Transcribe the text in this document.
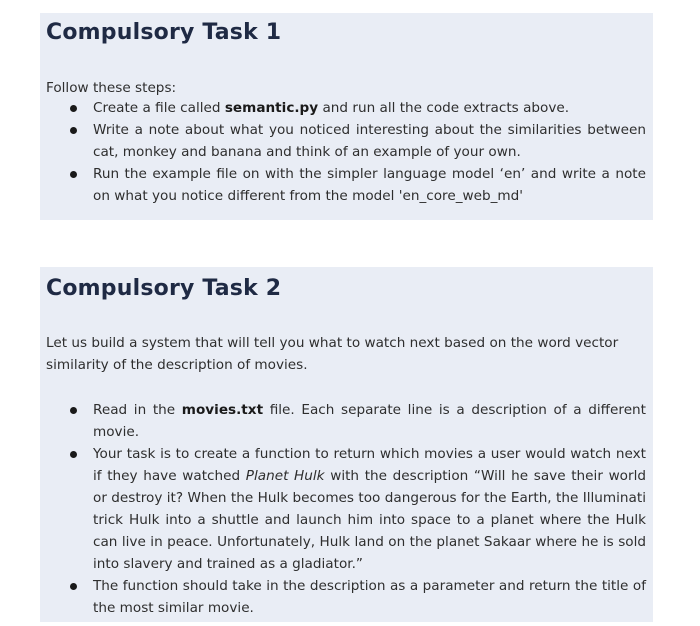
Compulsory Task 1
Follow these steps:
Create a file called semantic.py and run all the code extracts above.
Write a note about what you noticed interesting about the similarities between cat, monkey and banana and think of an example of your own.
Run the example file on with the simpler language model ‘en’ and write a note on what you notice different from the model 'en_core_web_md'
Compulsory Task 2
Let us build a system that will tell you what to watch next based on the word vector similarity of the description of movies.
Read in the movies.txt file. Each separate line is a description of a different movie.
Your task is to create a function to return which movies a user would watch next if they have watched Planet Hulk with the description “Will he save their world or destroy it? When the Hulk becomes too dangerous for the Earth, the Illuminati trick Hulk into a shuttle and launch him into space to a planet where the Hulk can live in peace. Unfortunately, Hulk land on the planet Sakaar where he is sold into slavery and trained as a gladiator.”
The function should take in the description as a parameter and return the title of the most similar movie.
